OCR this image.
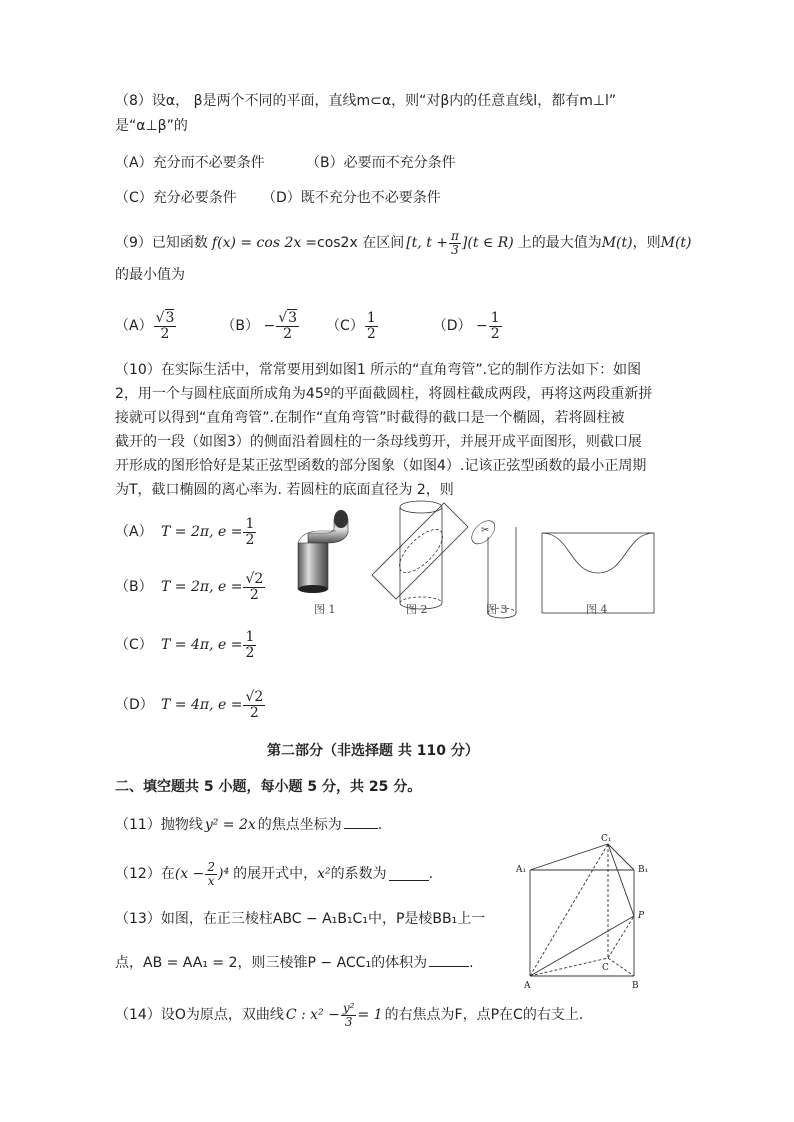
（8）设α， β是两个不同的平面，直线m⊂α，则“对β内的任意直线l，都有m⊥l”
是“α⊥β”的
（A）充分而不必要条件	（B）必要而不充分条件
（C）充分必要条件 （D）既不充分也不必要条件
（9）已知函数 f(x) = cos 2x =cos2x 在区间 [t, $t + \frac{\pi}{3} ](t$ ∈ R) 上的最大值为 M(t) ，则 M(t)
的最小值为
$(A) \frac{√3}{2}$	$(B) - \frac{√3}{2} (C) \frac{1}{2}$	$(D) - \frac{1}{2}$
（10）在实际生活中，常常要用到如图1 所示的“直角弯管”.它的制作方法如下：如图
2，用一个与圆柱底面所成角为45º的平面截圆柱，将圆柱截成两段，再将这两段重新拼
接就可以得到“直角弯管”.在制作“直角弯管”时截得的截口是一个椭圆，若将圆柱被
截开的一段（如图3）的侧面沿着圆柱的一条母线剪开，并展开成平面图形，则截口展
开形成的图形恰好是某正弦型函数的部分图象（如图4）.记该正弦型函数的最小正周期
为T，截口椭圆的离心率为. 若圆柱的底面直径为 2，则
（A） T = 2π, $e = \frac{1}{2}$
（B） T = 2π, $e = \frac{√2}{2}$
（C） T = 4π, $e = \frac{1}{2}$
（D） T = 4π, $e = \frac{√2}{2}$
✂
图 1	图 2	图 3	图 4
第二部分（非选择题 共 110 分）
二、填空题共 5 小题，每小题 5 分，共 25 分。
（11）抛物线 y² = 2x 的焦点坐标为	.
（12）在 $(x - \frac{2}{x} )^4$ 的展开式中， x² 的系数为	.
（13）如图，在正三棱柱ABC − A₁B₁C₁中，P是棱BB₁上一
点，AB = AA₁ = 2，则三棱锥P − ACC₁的体积为	.
C₁
A₁	B₁
P
C
A	B
（14）设O为原点，双曲线 C : $x^2 - \frac{\text{y²}}{3} = 1$ 的右焦点为F，点P在C的右支上.
